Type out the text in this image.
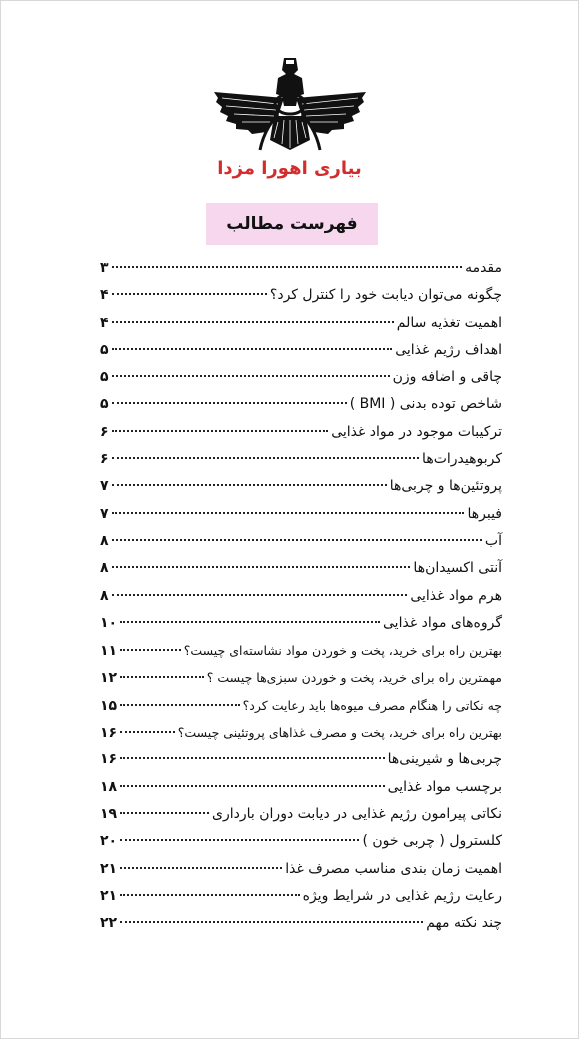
بیاری اهورا مزدا
فهرست مطالب
مقدمه
۳
چگونه می‌توان دیابت خود را کنترل کرد؟
۴
اهمیت تغذیه سالم
۴
اهداف رژیم غذایی
۵
چاقی و اضافه وزن
۵
شاخص توده بدنی ( BMI )
۵
ترکیبات موجود در مواد غذایی
۶
کربوهیدرات‌ها
۶
پروتئین‌ها و چربی‌ها
۷
فیبرها
۷
آب
۸
آنتی اکسیدان‌ها
۸
هرم مواد غذایی
۸
گروه‌های مواد غذایی
۱۰
بهترین راه برای خرید، پخت و خوردن مواد نشاسته‌ای چیست؟
۱۱
مهمترین راه برای خرید، پخت و خوردن سبزی‌ها چیست ؟
۱۲
چه نکاتی را هنگام مصرف میوه‌ها باید رعایت کرد؟
۱۵
بهترین راه برای خرید، پخت و مصرف غذاهای پروتئینی چیست؟
۱۶
چربی‌ها و شیرینی‌ها
۱۶
برچسب مواد غذایی
۱۸
نکاتی پیرامون رژیم غذایی در دیابت دوران بارداری
۱۹
کلسترول ( چربی خون )
۲۰
اهمیت زمان بندی مناسب مصرف غذا
۲۱
رعایت رژیم غذایی در شرایط ویژه
۲۱
چند نکته مهم
۲۲
